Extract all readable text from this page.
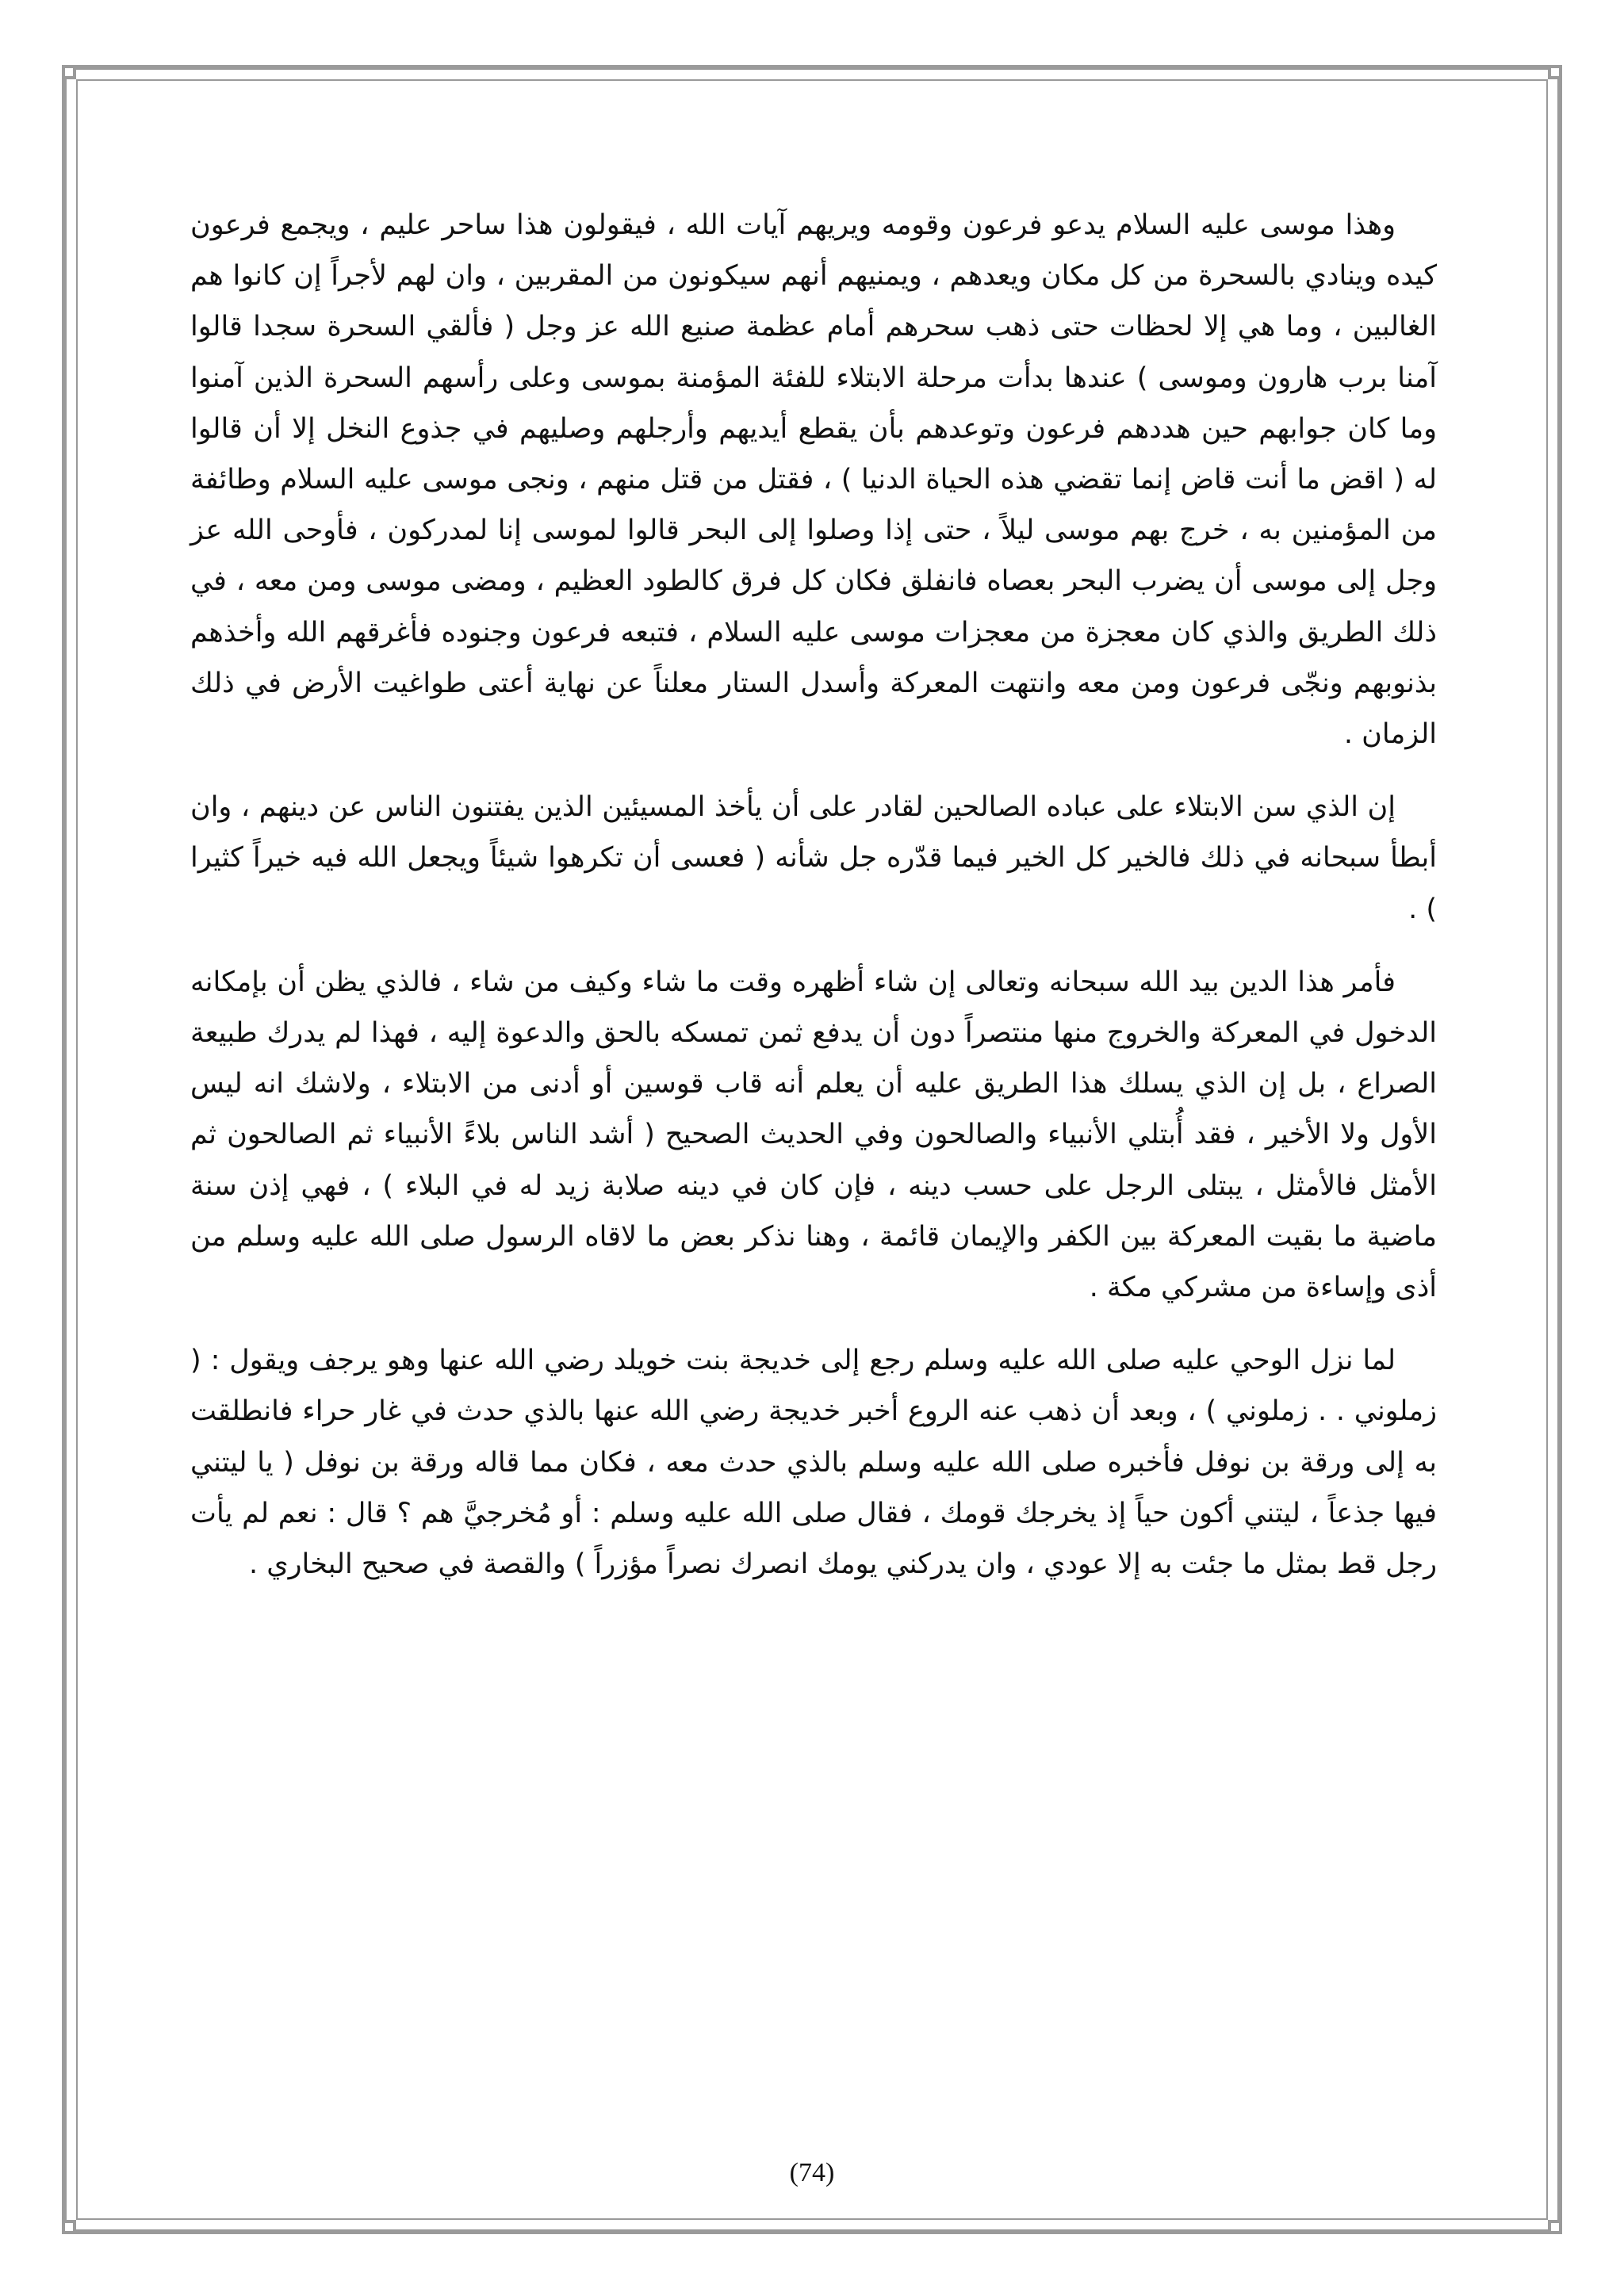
وهذا موسى عليه السلام يدعو فرعون وقومه ويريهم آيات الله ، فيقولون هذا ساحر عليم ، ويجمع فرعون كيده وينادي بالسحرة من كل مكان ويعدهم ، ويمنيهم أنهم سيكونون من المقربين ، وان لهم لأجراً إن كانوا هم الغالبين ، وما هي إلا لحظات حتى ذهب سحرهم أمام عظمة صنيع الله عز وجل ( فألقي السحرة سجدا قالوا آمنا برب هارون وموسى ) عندها بدأت مرحلة الابتلاء للفئة المؤمنة بموسى وعلى رأسهم السحرة الذين آمنوا وما كان جوابهم حين هددهم فرعون وتوعدهم بأن يقطع أيديهم وأرجلهم وصليهم في جذوع النخل إلا أن قالوا له ( اقض ما أنت قاض إنما تقضي هذه الحياة الدنيا ) ، فقتل من قتل منهم ، ونجى موسى عليه السلام وطائفة من المؤمنين به ، خرج بهم موسى ليلاً ، حتى إذا وصلوا إلى البحر قالوا لموسى إنا لمدركون ، فأوحى الله عز وجل إلى موسى أن يضرب البحر بعصاه فانفلق فكان كل فرق كالطود العظيم ، ومضى موسى ومن معه ، في ذلك الطريق والذي كان معجزة من معجزات موسى عليه السلام ، فتبعه فرعون وجنوده فأغرقهم الله وأخذهم بذنوبهم ونجّى فرعون ومن معه وانتهت المعركة وأسدل الستار معلناً عن نهاية أعتى طواغيت الأرض في ذلك الزمان .

إن الذي سن الابتلاء على عباده الصالحين لقادر على أن يأخذ المسيئين الذين يفتنون الناس عن دينهم ، وان أبطأ سبحانه في ذلك فالخير كل الخير فيما قدّره جل شأنه ( فعسى أن تكرهوا شيئاً ويجعل الله فيه خيراً كثيرا ) .

فأمر هذا الدين بيد الله سبحانه وتعالى إن شاء أظهره وقت ما شاء وكيف من شاء ، فالذي يظن أن بإمكانه الدخول في المعركة والخروج منها منتصراً دون أن يدفع ثمن تمسكه بالحق والدعوة إليه ، فهذا لم يدرك طبيعة الصراع ، بل إن الذي يسلك هذا الطريق عليه أن يعلم أنه قاب قوسين أو أدنى من الابتلاء ، ولاشك انه ليس الأول ولا الأخير ، فقد أُبتلي الأنبياء والصالحون وفي الحديث الصحيح ( أشد الناس بلاءً الأنبياء ثم الصالحون ثم الأمثل فالأمثل ، يبتلى الرجل على حسب دينه ، فإن كان في دينه صلابة زيد له في البلاء ) ، فهي إذن سنة ماضية ما بقيت المعركة بين الكفر والإيمان قائمة ، وهنا نذكر بعض ما لاقاه الرسول صلى الله عليه وسلم من أذى وإساءة من مشركي مكة .

لما نزل الوحي عليه صلى الله عليه وسلم رجع إلى خديجة بنت خويلد رضي الله عنها وهو يرجف ويقول : ( زملوني . . زملوني ) ، وبعد أن ذهب عنه الروع أخبر خديجة رضي الله عنها بالذي حدث في غار حراء فانطلقت به إلى ورقة بن نوفل فأخبره صلى الله عليه وسلم بالذي حدث معه ، فكان مما قاله ورقة بن نوفل ( يا ليتني فيها جذعاً ، ليتني أكون حياً إذ يخرجك قومك ، فقال صلى الله عليه وسلم : أو مُخرجيَّ هم ؟ قال : نعم لم يأت رجل قط بمثل ما جئت به إلا عودي ، وان يدركني يومك انصرك نصراً مؤزراً ) والقصة في صحيح البخاري .

(74)
